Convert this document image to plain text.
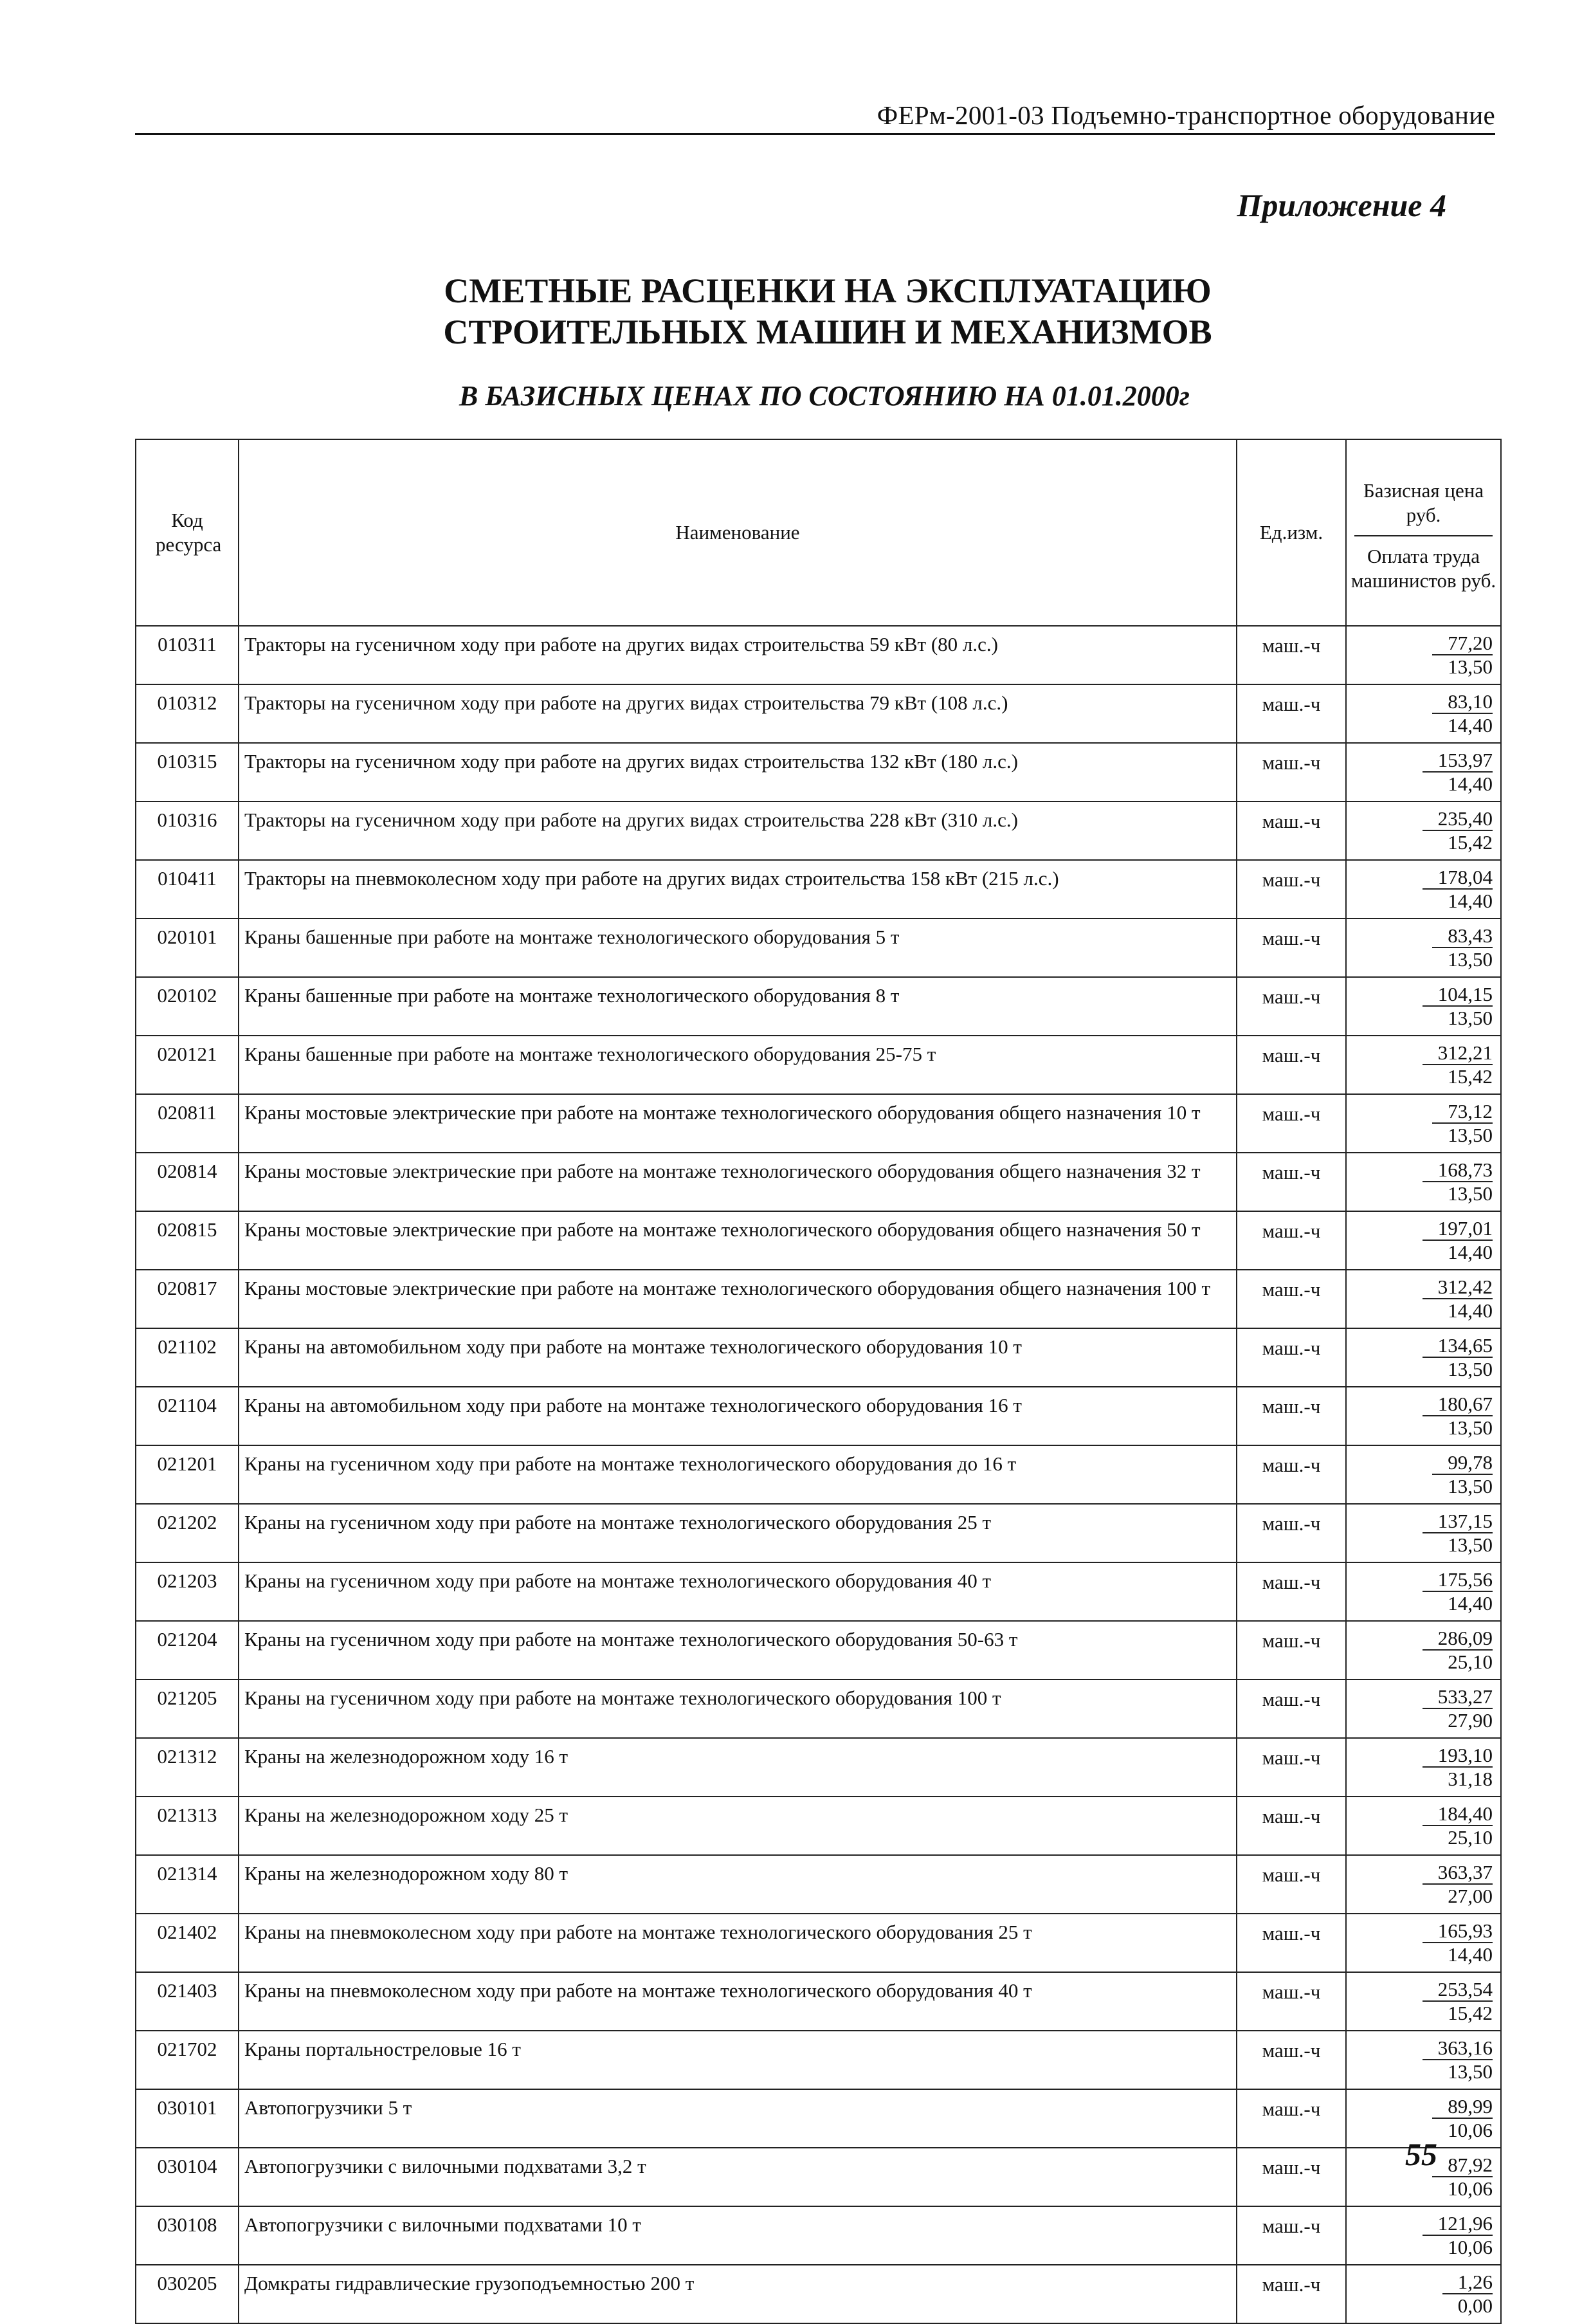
ФЕРм-2001-03 Подъемно-транспортное оборудование
Приложение 4
СМЕТНЫЕ РАСЦЕНКИ НА ЭКСПЛУАТАЦИЮ
СТРОИТЕЛЬНЫХ МАШИН И МЕХАНИЗМОВ
В БАЗИСНЫХ ЦЕНАХ ПО СОСТОЯНИЮ НА 01.01.2000г
Код ресурса	Наименование	Ед.изм.	Базисная цена руб.
Оплата труда машинистов руб.

010311	Тракторы на гусеничном ходу при работе на других видах строительства 59 кВт (80 л.с.)	маш.-ч	77,20
13,50

010312	Тракторы на гусеничном ходу при работе на других видах строительства 79 кВт (108 л.с.)	маш.-ч	83,10
14,40

010315	Тракторы на гусеничном ходу при работе на других видах строительства 132 кВт (180 л.с.)	маш.-ч	153,97
14,40

010316	Тракторы на гусеничном ходу при работе на других видах строительства 228 кВт (310 л.с.)	маш.-ч	235,40
15,42

010411	Тракторы на пневмоколесном ходу при работе на других видах строительства 158 кВт (215 л.с.)	маш.-ч	178,04
14,40

020101	Краны башенные при работе на монтаже технологического оборудования 5 т	маш.-ч	83,43
13,50

020102	Краны башенные при работе на монтаже технологического оборудования 8 т	маш.-ч	104,15
13,50

020121	Краны башенные при работе на монтаже технологического оборудования 25-75 т	маш.-ч	312,21
15,42

020811	Краны мостовые электрические при работе на монтаже технологического оборудования общего назначения 10 т	маш.-ч	73,12
13,50

020814	Краны мостовые электрические при работе на монтаже технологического оборудования общего назначения 32 т	маш.-ч	168,73
13,50

020815	Краны мостовые электрические при работе на монтаже технологического оборудования общего назначения 50 т	маш.-ч	197,01
14,40

020817	Краны мостовые электрические при работе на монтаже технологического оборудования общего назначения 100 т	маш.-ч	312,42
14,40

021102	Краны на автомобильном ходу при работе на монтаже технологического оборудования 10 т	маш.-ч	134,65
13,50

021104	Краны на автомобильном ходу при работе на монтаже технологического оборудования 16 т	маш.-ч	180,67
13,50

021201	Краны на гусеничном ходу при работе на монтаже технологического оборудования до 16 т	маш.-ч	99,78
13,50

021202	Краны на гусеничном ходу при работе на монтаже технологического оборудования 25 т	маш.-ч	137,15
13,50

021203	Краны на гусеничном ходу при работе на монтаже технологического оборудования 40 т	маш.-ч	175,56
14,40

021204	Краны на гусеничном ходу при работе на монтаже технологического оборудования 50-63 т	маш.-ч	286,09
25,10

021205	Краны на гусеничном ходу при работе на монтаже технологического оборудования 100 т	маш.-ч	533,27
27,90

021312	Краны на железнодорожном ходу 16 т	маш.-ч	193,10
31,18

021313	Краны на железнодорожном ходу 25 т	маш.-ч	184,40
25,10

021314	Краны на железнодорожном ходу 80 т	маш.-ч	363,37
27,00

021402	Краны на пневмоколесном ходу при работе на монтаже технологического оборудования 25 т	маш.-ч	165,93
14,40

021403	Краны на пневмоколесном ходу при работе на монтаже технологического оборудования 40 т	маш.-ч	253,54
15,42

021702	Краны портальностреловые 16 т	маш.-ч	363,16
13,50

030101	Автопогрузчики 5 т	маш.-ч	89,99
10,06

030104	Автопогрузчики с вилочными подхватами 3,2 т	маш.-ч	87,92
10,06

030108	Автопогрузчики с вилочными подхватами 10 т	маш.-ч	121,96
10,06

030205	Домкраты гидравлические грузоподъемностью 200 т	маш.-ч	1,26
0,00
55
